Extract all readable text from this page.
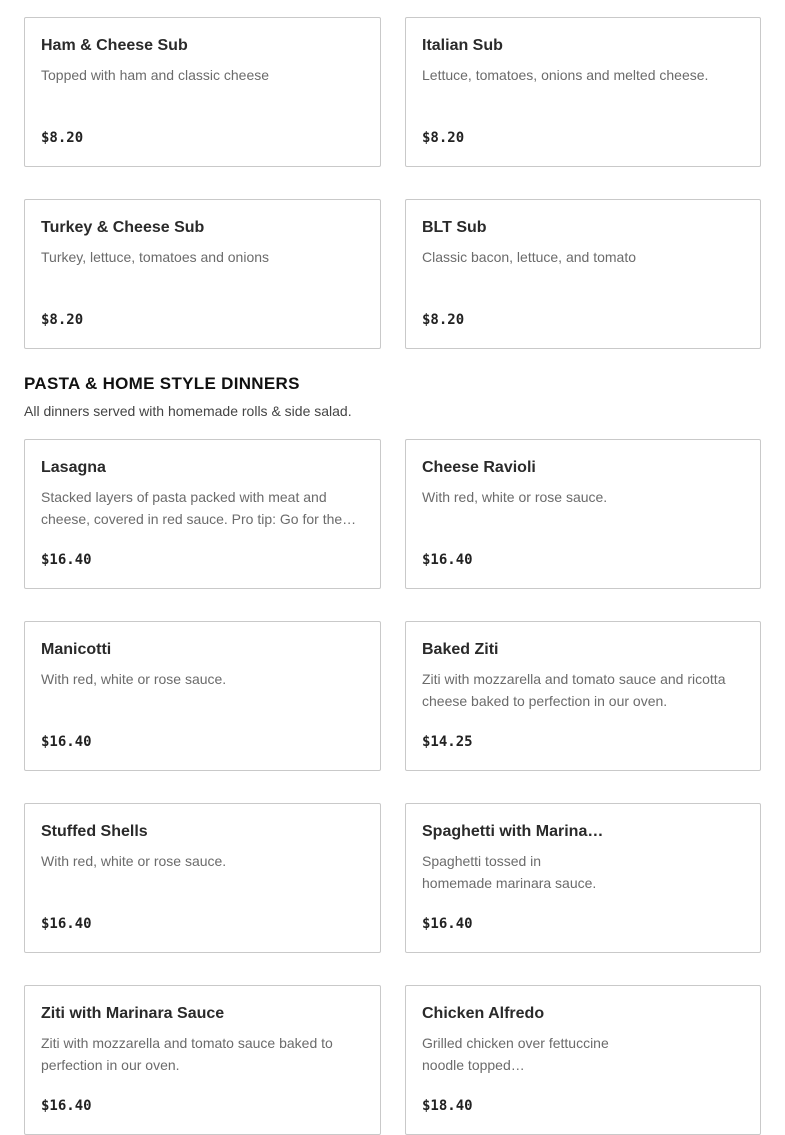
Ham & Cheese Sub
Topped with ham and classic cheese
$8.20
Italian Sub
Lettuce, tomatoes, onions and melted cheese.
$8.20
Turkey & Cheese Sub
Turkey, lettuce, tomatoes and onions
$8.20
BLT Sub
Classic bacon, lettuce, and tomato
$8.20
PASTA & HOME STYLE DINNERS
All dinners served with homemade rolls & side salad.
Lasagna
Stacked layers of pasta packed with meat and cheese, covered in red sauce. Pro tip: Go for the…
$16.40
Cheese Ravioli
With red, white or rose sauce.
$16.40
Manicotti
With red, white or rose sauce.
$16.40
Baked Ziti
Ziti with mozzarella and tomato sauce and ricotta cheese baked to perfection in our oven.
$14.25
Stuffed Shells
With red, white or rose sauce.
$16.40
Spaghetti with Marina…
Spaghetti tossed in homemade marinara sauce.
$16.40
Ziti with Marinara Sauce
Ziti with mozzarella and tomato sauce baked to perfection in our oven.
$16.40
Chicken Alfredo
Grilled chicken over fettuccine noodle topped…
$18.40
